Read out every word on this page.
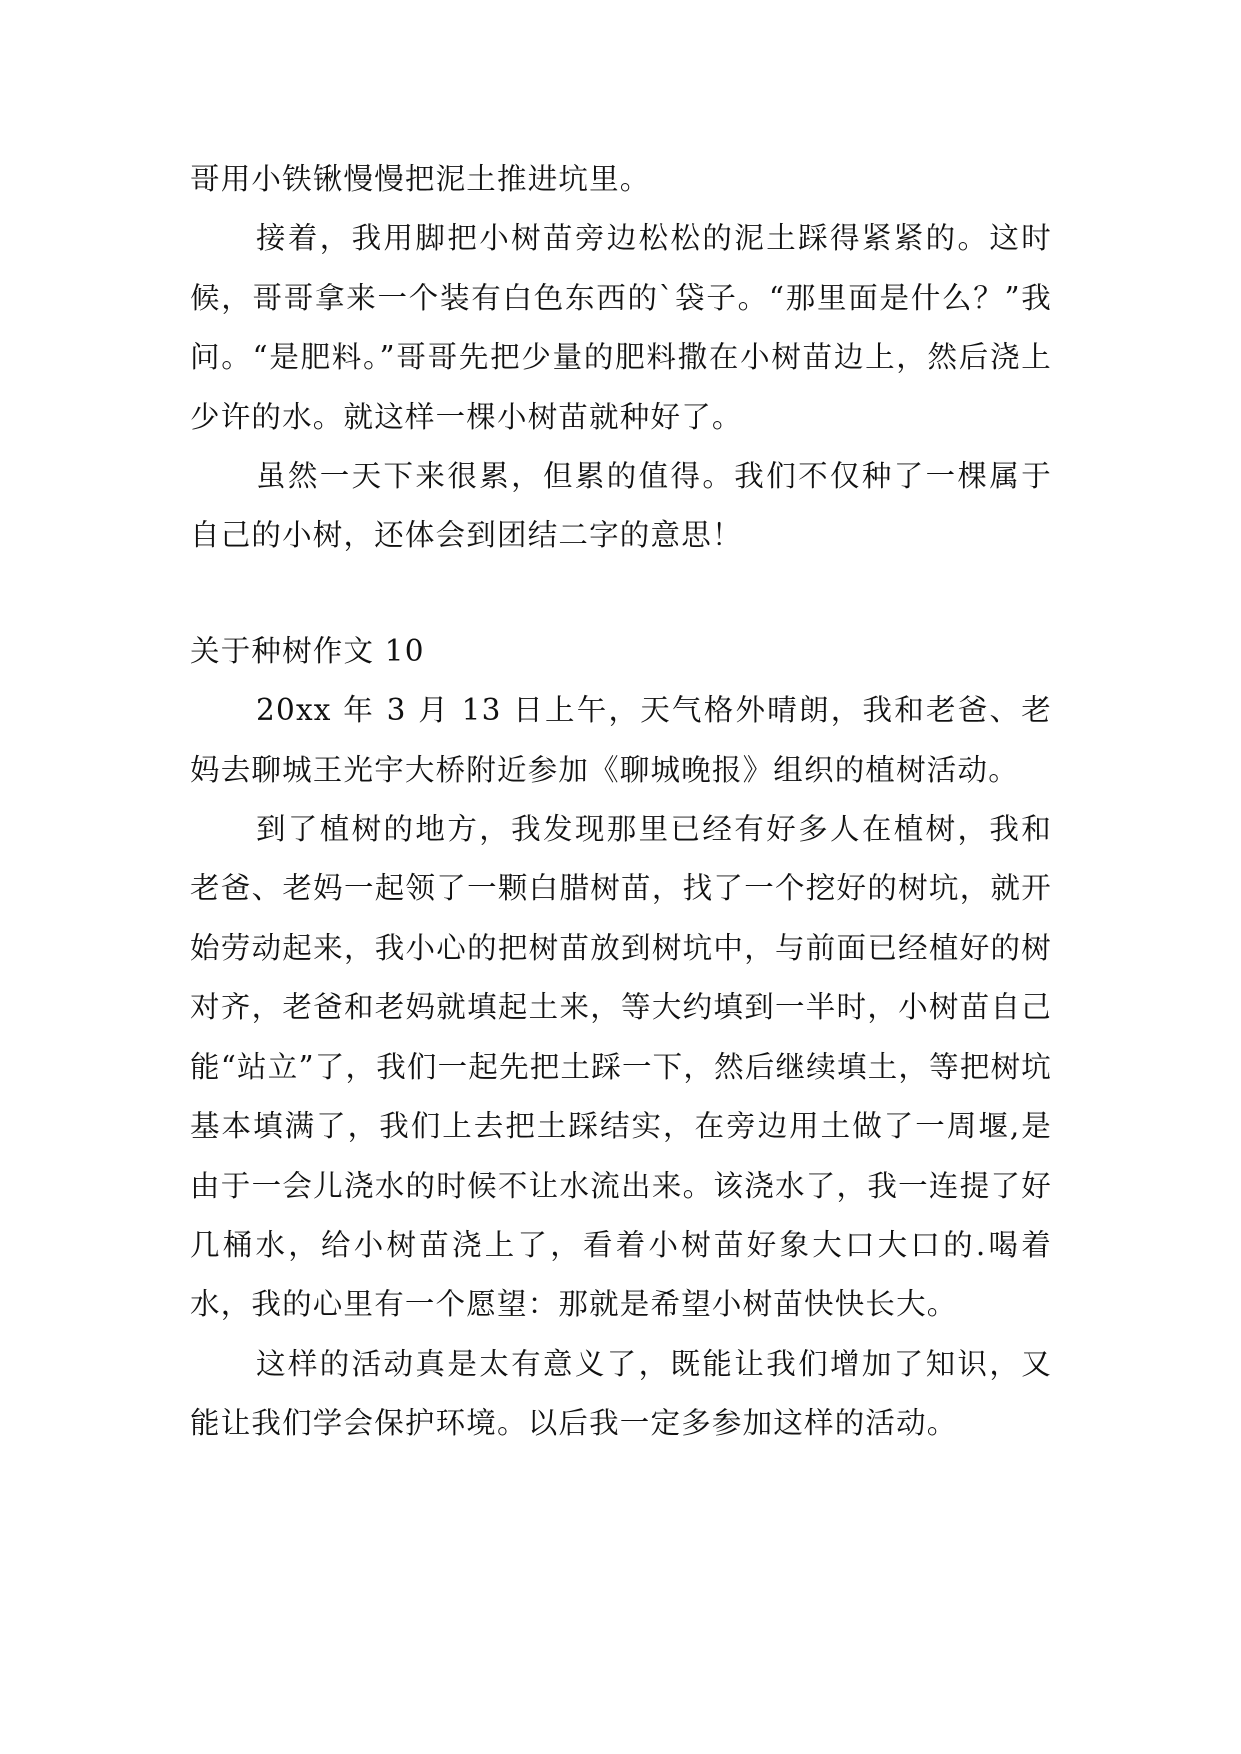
哥用小铁锹慢慢把泥土推进坑里。

接着，我用脚把小树苗旁边松松的泥土踩得紧紧的。这时候，哥哥拿来一个装有白色东西的`袋子。“那里面是什么？”我问。“是肥料。”哥哥先把少量的肥料撒在小树苗边上，然后浇上少许的水。就这样一棵小树苗就种好了。

虽然一天下来很累，但累的值得。我们不仅种了一棵属于自己的小树，还体会到团结二字的意思！

关于种树作文 10

20xx 年 3 月 13 日上午，天气格外晴朗，我和老爸、老妈去聊城王光宇大桥附近参加《聊城晚报》组织的植树活动。

到了植树的地方，我发现那里已经有好多人在植树，我和老爸、老妈一起领了一颗白腊树苗，找了一个挖好的树坑，就开始劳动起来，我小心的把树苗放到树坑中，与前面已经植好的树对齐，老爸和老妈就填起土来，等大约填到一半时，小树苗自己能“站立”了，我们一起先把土踩一下，然后继续填土，等把树坑基本填满了，我们上去把土踩结实，在旁边用土做了一周堰,是由于一会儿浇水的时候不让水流出来。该浇水了，我一连提了好几桶水，给小树苗浇上了，看着小树苗好象大口大口的.喝着水，我的心里有一个愿望：那就是希望小树苗快快长大。

这样的活动真是太有意义了，既能让我们增加了知识，又能让我们学会保护环境。以后我一定多参加这样的活动。
